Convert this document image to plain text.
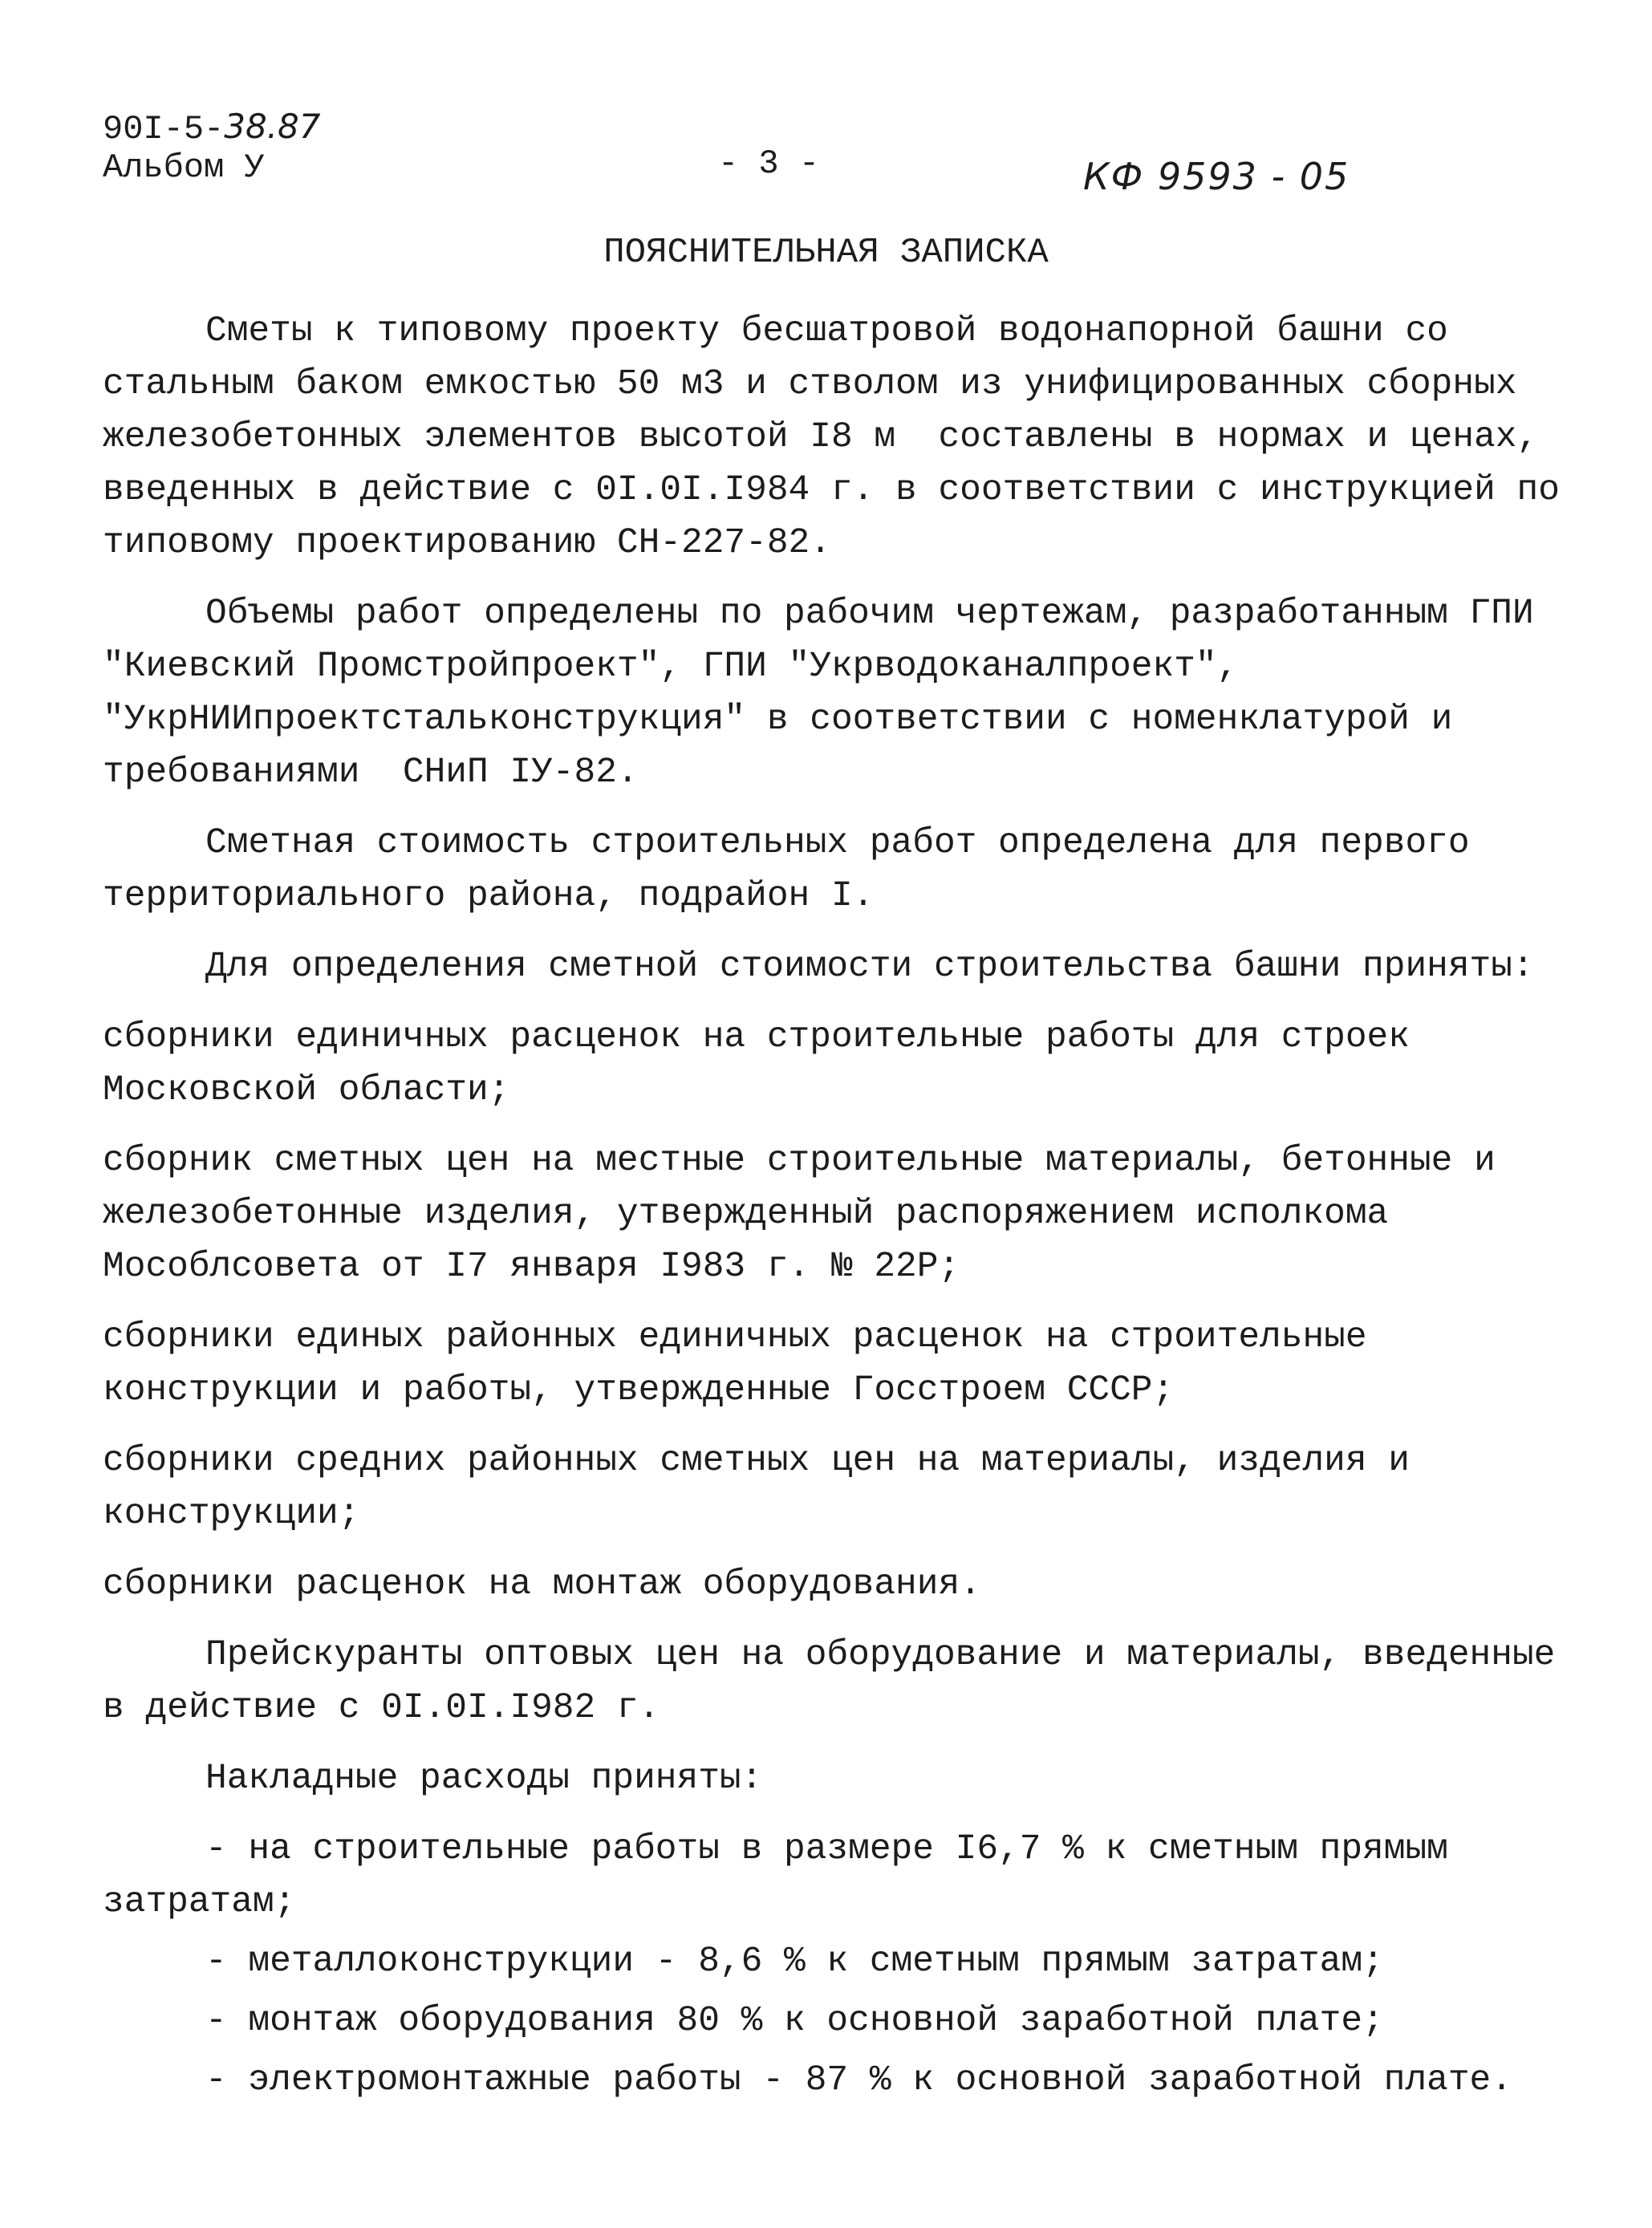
90I-5-38.87
Альбом У	- 3 -	КФ 9593 - 05
ПОЯСНИТЕЛЬНАЯ ЗАПИСКА

Сметы к типовому проекту бесшатровой водонапорной башни со стальным баком емкостью 50 м3 и стволом из унифицированных сборных железобетонных элементов высотой I8 м  составлены в нормах и ценах, введенных в действие с 0I.0I.I984 г. в соответствии с инструкцией по типовому проектированию СН-227-82.

Объемы работ определены по рабочим чертежам, разработанным ГПИ "Киевский Промстройпроект", ГПИ "Укрводоканалпроект", "УкрНИИпроектстальконструкция" в соответствии с номенклатурой и требованиями  СНиП IУ-82.

Сметная стоимость строительных работ определена для первого территориального района, подрайон I.

Для определения сметной стоимости строительства башни приняты:

сборники единичных расценок на строительные работы для строек Московской области;

сборник сметных цен на местные строительные материалы, бетонные и железобетонные изделия, утвержденный распоряжением исполкома Мособлсовета от I7 января I983 г. № 22Р;

сборники единых районных единичных расценок на строительные конструкции и работы, утвержденные Госстроем СССР;

сборники средних районных сметных цен на материалы, изделия и конструкции;

сборники расценок на монтаж оборудования.

Прейскуранты оптовых цен на оборудование и материалы, введенные в действие с 0I.0I.I982 г.

Накладные расходы приняты:

- на строительные работы в размере I6,7 % к сметным прямым затратам;

- металлоконструкции - 8,6 % к сметным прямым затратам;

- монтаж оборудования 80 % к основной заработной плате;

- электромонтажные работы - 87 % к основной заработной плате.
